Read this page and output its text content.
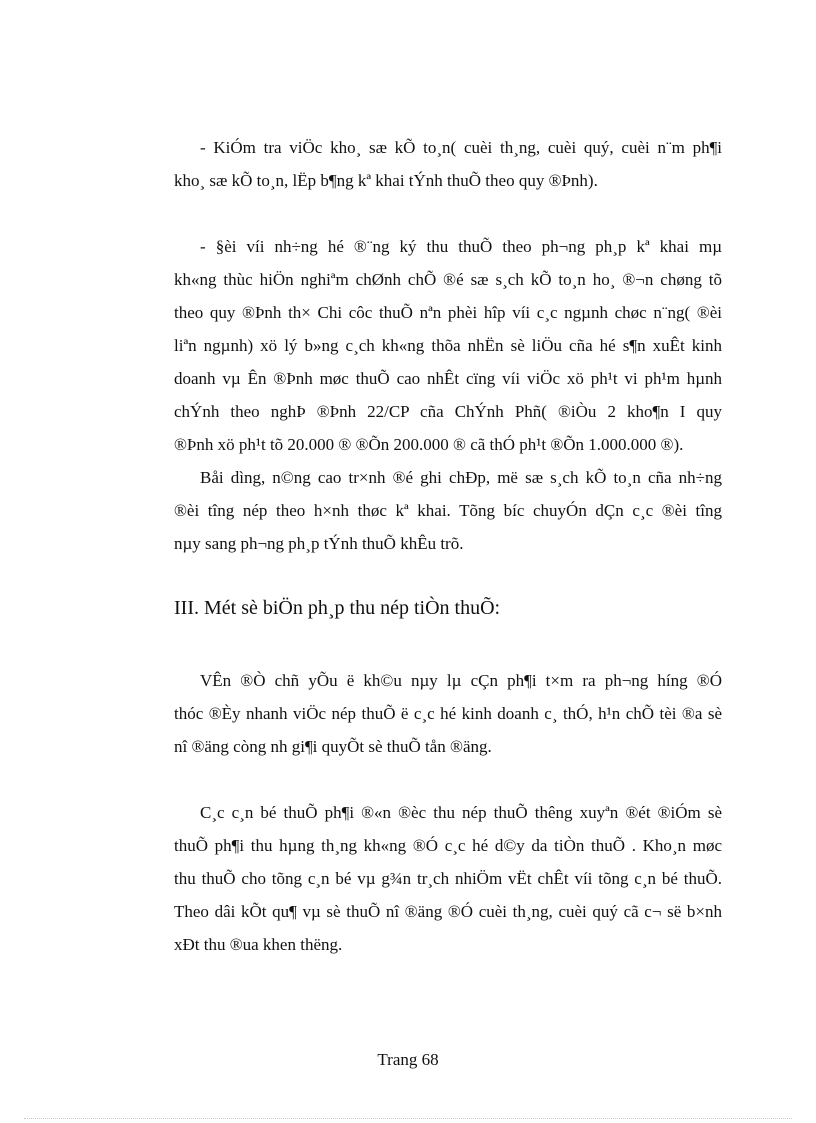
- KiÓm tra viÖc kho¸ sæ kÕ to¸n( cuèi th¸ng, cuèi quý, cuèi n¨m ph¶i
kho¸ sæ kÕ to¸n, lËp b¶ng kª khai tÝnh thuÕ theo quy ®Þnh).
- §èi víi nh÷ng hé ®¨ng ký thu thuÕ theo ph¬ng ph¸p kª khai mµ
kh«ng thùc hiÖn nghiªm chØnh chÕ ®é sæ s¸ch kÕ to¸n ho¸ ®¬n chøng tõ
theo quy ®Þnh th× Chi côc thuÕ nªn phèi hîp víi c¸c ngµnh chøc n¨ng( ®èi
liªn ngµnh) xö lý b»ng c¸ch kh«ng thõa nhËn sè liÖu cña hé s¶n xuÊt kinh
doanh vµ Ên ®Þnh møc thuÕ cao nhÊt cïng víi viÖc xö ph¹t vi ph¹m hµnh
chÝnh theo nghÞ ®Þnh 22/CP cña ChÝnh Phñ( ®iÒu 2 kho¶n I quy
®Þnh xö ph¹t tõ 20.000 ® ®Õn 200.000 ® cã thÓ ph¹t ®Õn 1.000.000 ®).
Båi dìng, n©ng cao tr×nh ®é ghi chÐp, më sæ s¸ch kÕ to¸n cña nh÷ng
®èi tîng nép theo h×nh thøc kª khai. Tõng bíc chuyÓn dÇn c¸c ®èi tîng
nµy sang ph¬ng ph¸p tÝnh thuÕ khÊu trõ.
III. Mét sè biÖn ph¸p thu nép tiÒn thuÕ:
VÊn ®Ò chñ yÕu ë kh©u nµy lµ cÇn ph¶i t×m ra ph¬ng híng ®Ó
thóc ®Èy nhanh viÖc nép thuÕ ë c¸c hé kinh doanh c¸ thÓ, h¹n chÕ tèi ®a sè
nî ®äng còng nh gi¶i quyÕt sè thuÕ tån ®äng.
C¸c c¸n bé thuÕ ph¶i ®«n ®èc thu nép thuÕ thêng xuyªn ®ét ®iÓm sè
thuÕ ph¶i thu hµng th¸ng kh«ng ®Ó c¸c hé d©y da tiÒn thuÕ . Kho¸n møc
thu thuÕ cho tõng c¸n bé vµ g¾n tr¸ch nhiÖm vËt chÊt víi tõng c¸n bé thuÕ.
Theo dâi kÕt qu¶ vµ sè thuÕ nî ®äng ®Ó cuèi th¸ng, cuèi quý cã c¬ së b×nh
xÐt thu ®ua khen thëng.

Trang 68
